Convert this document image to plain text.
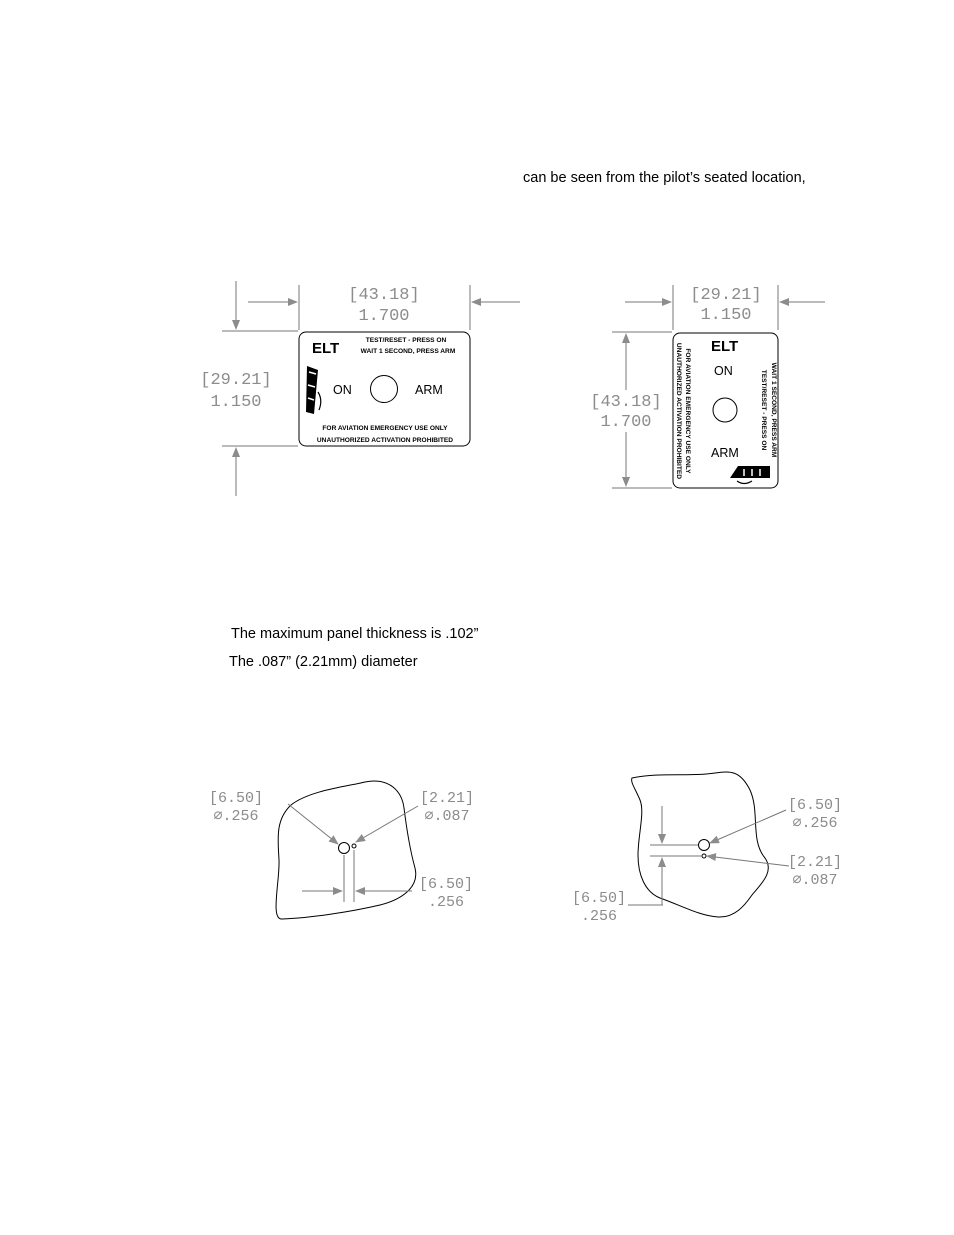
can be seen from the pilot’s seated location,
The maximum panel thickness is .102”
The .087” (2.21mm) diameter
[43.18]
1.700
[29.21]
1.150
ELT	TEST/RESET - PRESS ON
WAIT 1 SECOND, PRESS ARM
ON	ARM
FOR AVIATION EMERGENCY USE ONLY
UNAUTHORIZED ACTIVATION PROHIBITED
[29.21]
1.150
[43.18]
1.700
ELT
ON
ARM
TEST/RESET - PRESS ON WAIT 1 SECOND, PRESS ARM
FOR AVIATION EMERGENCY USE ONLY
UNAUTHORIZED ACTIVATION PROHIBITED
[6.50]
∅.256
[2.21]
∅.087
[6.50]
.256
[6.50]
∅.256
[2.21]
∅.087
[6.50]
.256
